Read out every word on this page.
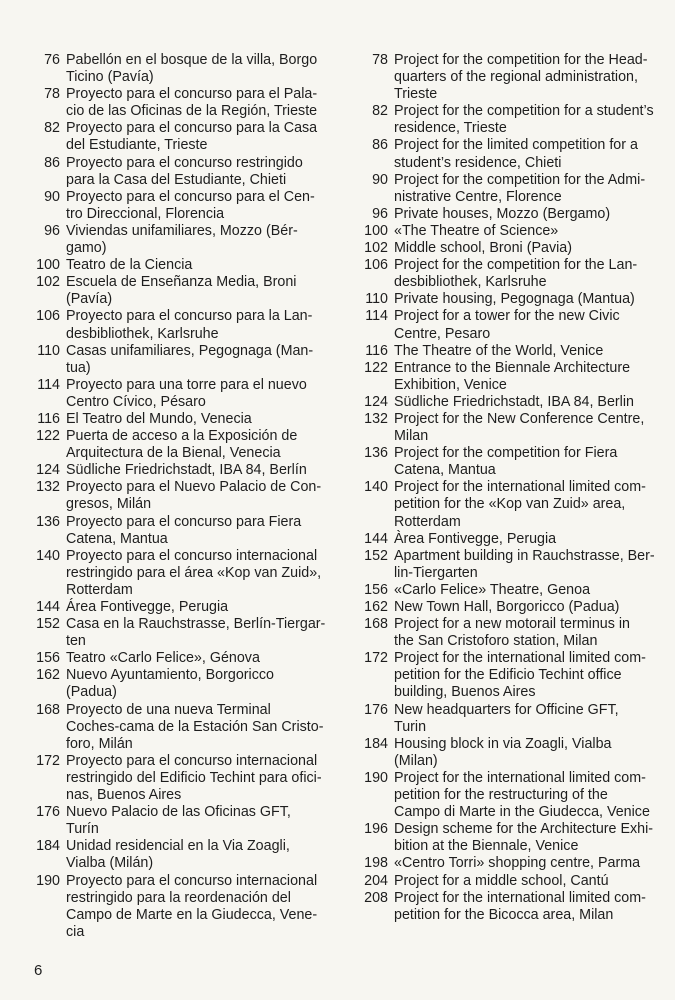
76 Pabellón en el bosque de la villa, Borgo
Ticino (Pavía)
78 Proyecto para el concurso para el Pala-
cio de las Oficinas de la Región, Trieste
82 Proyecto para el concurso para la Casa
del Estudiante, Trieste
86 Proyecto para el concurso restringido
para la Casa del Estudiante, Chieti
90 Proyecto para el concurso para el Cen-
tro Direccional, Florencia
96 Viviendas unifamiliares, Mozzo (Bér-
gamo)
100 Teatro de la Ciencia
102 Escuela de Enseñanza Media, Broni
(Pavía)
106 Proyecto para el concurso para la Lan-
desbibliothek, Karlsruhe
110 Casas unifamiliares, Pegognaga (Man-
tua)
114 Proyecto para una torre para el nuevo
Centro Cívico, Pésaro
116 El Teatro del Mundo, Venecia
122 Puerta de acceso a la Exposición de
Arquitectura de la Bienal, Venecia
124 Südliche Friedrichstadt, IBA 84, Berlín
132 Proyecto para el Nuevo Palacio de Con-
gresos, Milán
136 Proyecto para el concurso para Fiera
Catena, Mantua
140 Proyecto para el concurso internacional
restringido para el área «Kop van Zuid»,
Rotterdam
144 Área Fontivegge, Perugia
152 Casa en la Rauchstrasse, Berlín-Tiergar-
ten
156 Teatro «Carlo Felice», Génova
162 Nuevo Ayuntamiento, Borgoricco
(Padua)
168 Proyecto de una nueva Terminal
Coches-cama de la Estación San Cristo-
foro, Milán
172 Proyecto para el concurso internacional
restringido del Edificio Techint para ofici-
nas, Buenos Aires
176 Nuevo Palacio de las Oficinas GFT,
Turín
184 Unidad residencial en la Via Zoagli,
Vialba (Milán)
190 Proyecto para el concurso internacional
restringido para la reordenación del
Campo de Marte en la Giudecca, Vene-
cia
78 Project for the competition for the Head-
quarters of the regional administration,
Trieste
82 Project for the competition for a student’s
residence, Trieste
86 Project for the limited competition for a
student’s residence, Chieti
90 Project for the competition for the Admi-
nistrative Centre, Florence
96 Private houses, Mozzo (Bergamo)
100 «The Theatre of Science»
102 Middle school, Broni (Pavia)
106 Project for the competition for the Lan-
desbibliothek, Karlsruhe
110 Private housing, Pegognaga (Mantua)
114 Project for a tower for the new Civic
Centre, Pesaro
116 The Theatre of the World, Venice
122 Entrance to the Biennale Architecture
Exhibition, Venice
124 Südliche Friedrichstadt, IBA 84, Berlin
132 Project for the New Conference Centre,
Milan
136 Project for the competition for Fiera
Catena, Mantua
140 Project for the international limited com-
petition for the «Kop van Zuid» area,
Rotterdam
144 Àrea Fontivegge, Perugia
152 Apartment building in Rauchstrasse, Ber-
lin-Tiergarten
156 «Carlo Felice» Theatre, Genoa
162 New Town Hall, Borgoricco (Padua)
168 Project for a new motorail terminus in
the San Cristoforo station, Milan
172 Project for the international limited com-
petition for the Edificio Techint office
building, Buenos Aires
176 New headquarters for Officine GFT,
Turin
184 Housing block in via Zoagli, Vialba
(Milan)
190 Project for the international limited com-
petition for the restructuring of the
Campo di Marte in the Giudecca, Venice
196 Design scheme for the Architecture Exhi-
bition at the Biennale, Venice
198 «Centro Torri» shopping centre, Parma
204 Project for a middle school, Cantú
208 Project for the international limited com-
petition for the Bicocca area, Milan
6
